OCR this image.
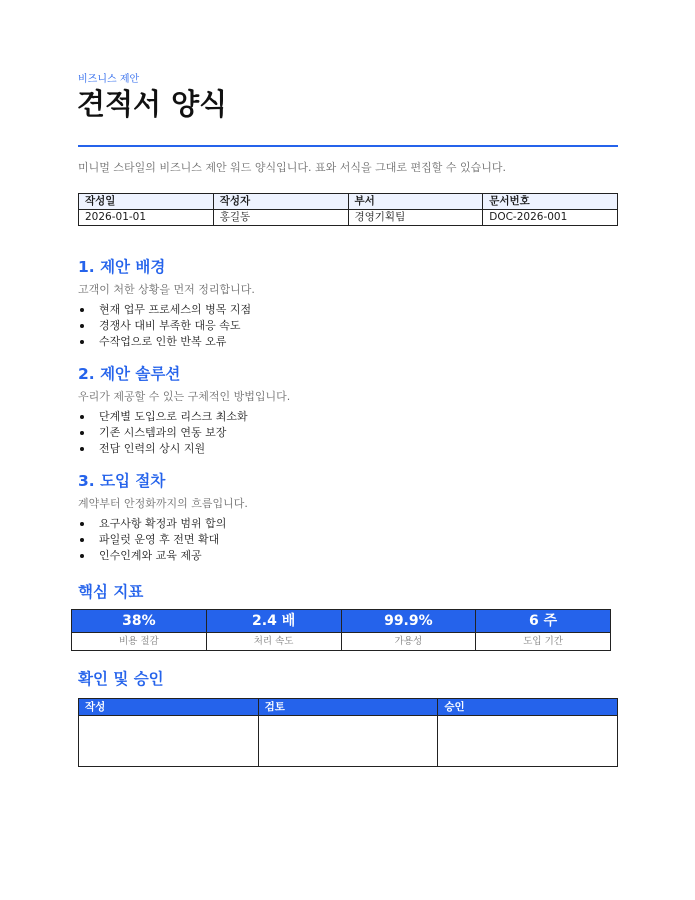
비즈니스 제안
견적서 양식
미니멀 스타일의 비즈니스 제안 워드 양식입니다. 표와 서식을 그대로 편집할 수 있습니다.
작성일	작성자	부서	문서번호
2026-01-01	홍길동	경영기획팀	DOC-2026-001
1. 제안 배경
고객이 처한 상황을 먼저 정리합니다.
현재 업무 프로세스의 병목 지점
경쟁사 대비 부족한 대응 속도
수작업으로 인한 반복 오류
2. 제안 솔루션
우리가 제공할 수 있는 구체적인 방법입니다.
단계별 도입으로 리스크 최소화
기존 시스템과의 연동 보장
전담 인력의 상시 지원
3. 도입 절차
계약부터 안정화까지의 흐름입니다.
요구사항 확정과 범위 합의
파일럿 운영 후 전면 확대
인수인계와 교육 제공
핵심 지표
38%	2.4 배	99.9%	6 주
비용 절감	처리 속도	가용성	도입 기간
확인 및 승인
작성	검토	승인
